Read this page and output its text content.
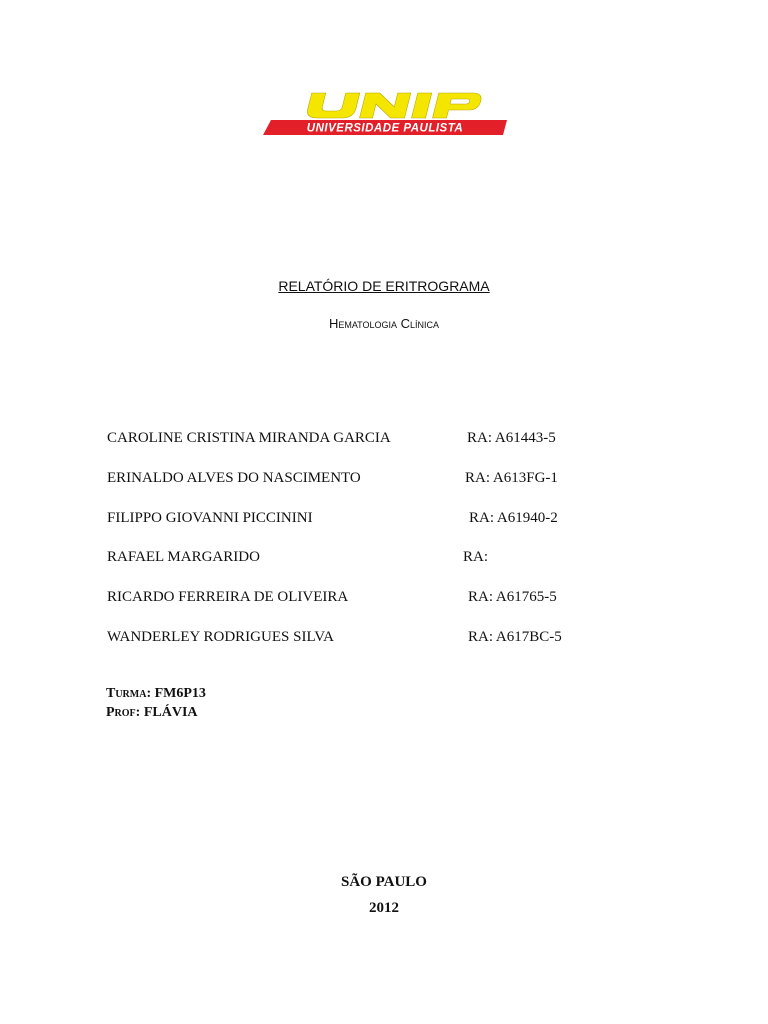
UNIVERSIDADE PAULISTA
RELATÓRIO DE ERITROGRAMA
Hematologia Clínica
CAROLINE CRISTINA MIRANDA GARCIA	RA: A61443-5
ERINALDO ALVES DO NASCIMENTO	RA: A613FG-1
FILIPPO GIOVANNI PICCININI	RA: A61940-2
RAFAEL MARGARIDO	RA:
RICARDO FERREIRA DE OLIVEIRA	RA: A61765-5
WANDERLEY RODRIGUES SILVA	RA: A617BC-5
Turma: FM6P13
Prof: FLÁVIA
SÃO PAULO
2012
